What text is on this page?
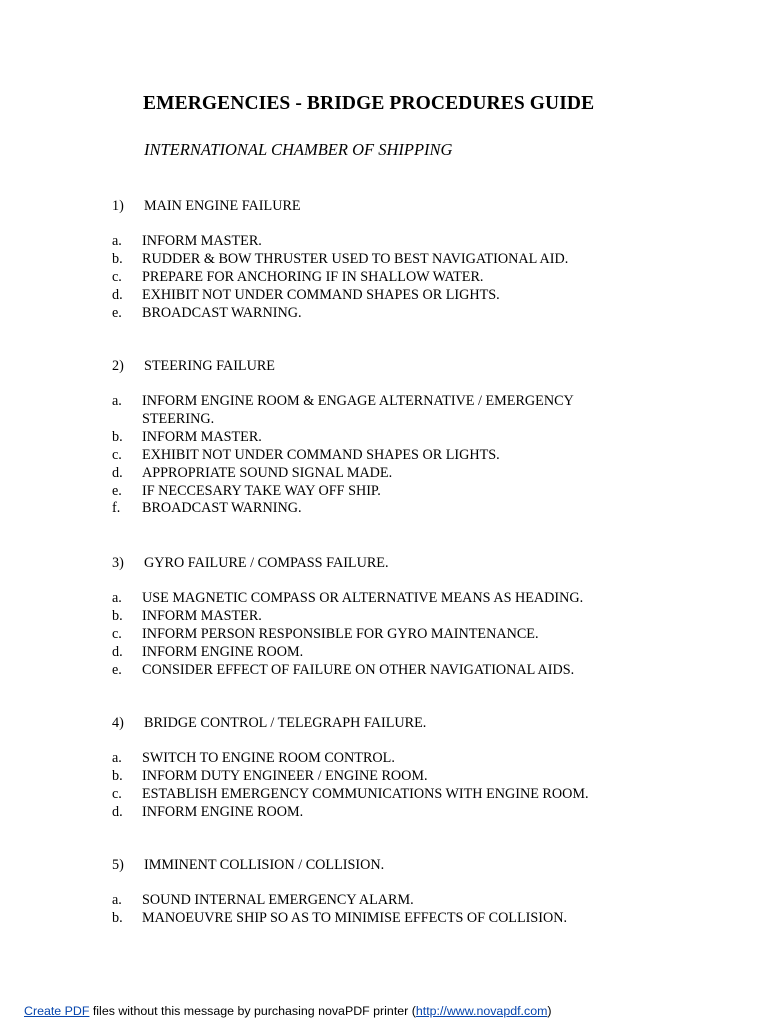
EMERGENCIES - BRIDGE PROCEDURES GUIDE
INTERNATIONAL CHAMBER OF SHIPPING
1) MAIN ENGINE FAILURE
a. INFORM MASTER.
b. RUDDER & BOW THRUSTER USED TO BEST NAVIGATIONAL AID.
c. PREPARE FOR ANCHORING IF IN SHALLOW WATER.
d. EXHIBIT NOT UNDER COMMAND SHAPES OR LIGHTS.
e. BROADCAST WARNING.
2) STEERING FAILURE
a. INFORM ENGINE ROOM & ENGAGE ALTERNATIVE / EMERGENCY STEERING.
b. INFORM MASTER.
c. EXHIBIT NOT UNDER COMMAND SHAPES OR LIGHTS.
d. APPROPRIATE SOUND SIGNAL MADE.
e. IF NECCESARY TAKE WAY OFF SHIP.
f. BROADCAST WARNING.
3) GYRO FAILURE / COMPASS FAILURE.
a. USE MAGNETIC COMPASS OR ALTERNATIVE MEANS AS HEADING.
b. INFORM MASTER.
c. INFORM PERSON RESPONSIBLE FOR GYRO MAINTENANCE.
d. INFORM ENGINE ROOM.
e. CONSIDER EFFECT OF FAILURE ON OTHER NAVIGATIONAL AIDS.
4) BRIDGE CONTROL / TELEGRAPH FAILURE.
a. SWITCH TO ENGINE ROOM CONTROL.
b. INFORM DUTY ENGINEER / ENGINE ROOM.
c. ESTABLISH EMERGENCY COMMUNICATIONS WITH ENGINE ROOM.
d. INFORM ENGINE ROOM.
5) IMMINENT COLLISION / COLLISION.
a. SOUND INTERNAL EMERGENCY ALARM.
b. MANOEUVRE SHIP SO AS TO MINIMISE EFFECTS OF COLLISION.
Create PDF files without this message by purchasing novaPDF printer (http://www.novapdf.com)
